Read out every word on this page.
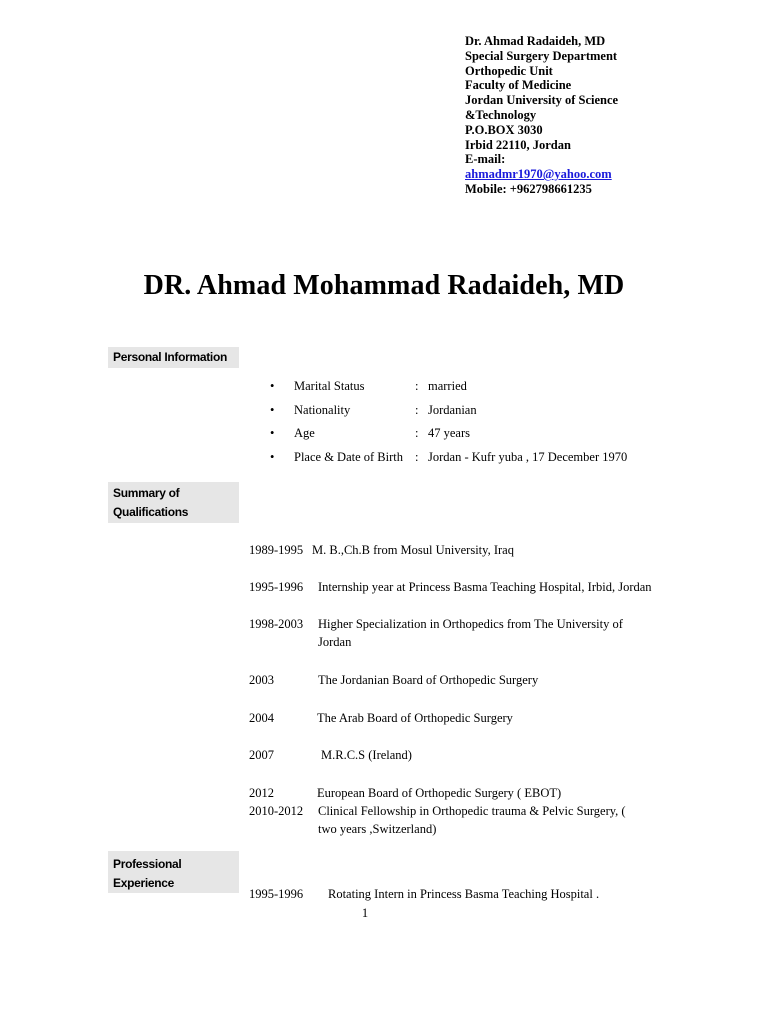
Dr. Ahmad Radaideh, MD
Special Surgery Department
Orthopedic Unit
Faculty of Medicine
Jordan University of Science
&Technology
P.O.BOX 3030
Irbid 22110, Jordan
E-mail:
ahmadmr1970@yahoo.com
Mobile: +962798661235
DR. Ahmad Mohammad Radaideh, MD
Personal Information
•	Marital Status	: married
•	Nationality	: Jordanian
•	Age	: 47 years
•	Place & Date of Birth : Jordan - Kufr yuba , 17 December 1970
Summary of
Qualifications
1989-1995 M. B.,Ch.B from Mosul University, Iraq
1995-1996 Internship year at Princess Basma Teaching Hospital, Irbid, Jordan
1998-2003 Higher Specialization in Orthopedics from The University of Jordan
2003	The Jordanian Board of Orthopedic Surgery
2004	The Arab Board of Orthopedic Surgery
2007	M.R.C.S (Ireland)
2012	European Board of Orthopedic Surgery ( EBOT)
2010-2012 Clinical Fellowship in Orthopedic trauma & Pelvic Surgery, ( two years ,Switzerland)
Professional
Experience
1995-1996 Rotating Intern in Princess Basma Teaching Hospital .
1
